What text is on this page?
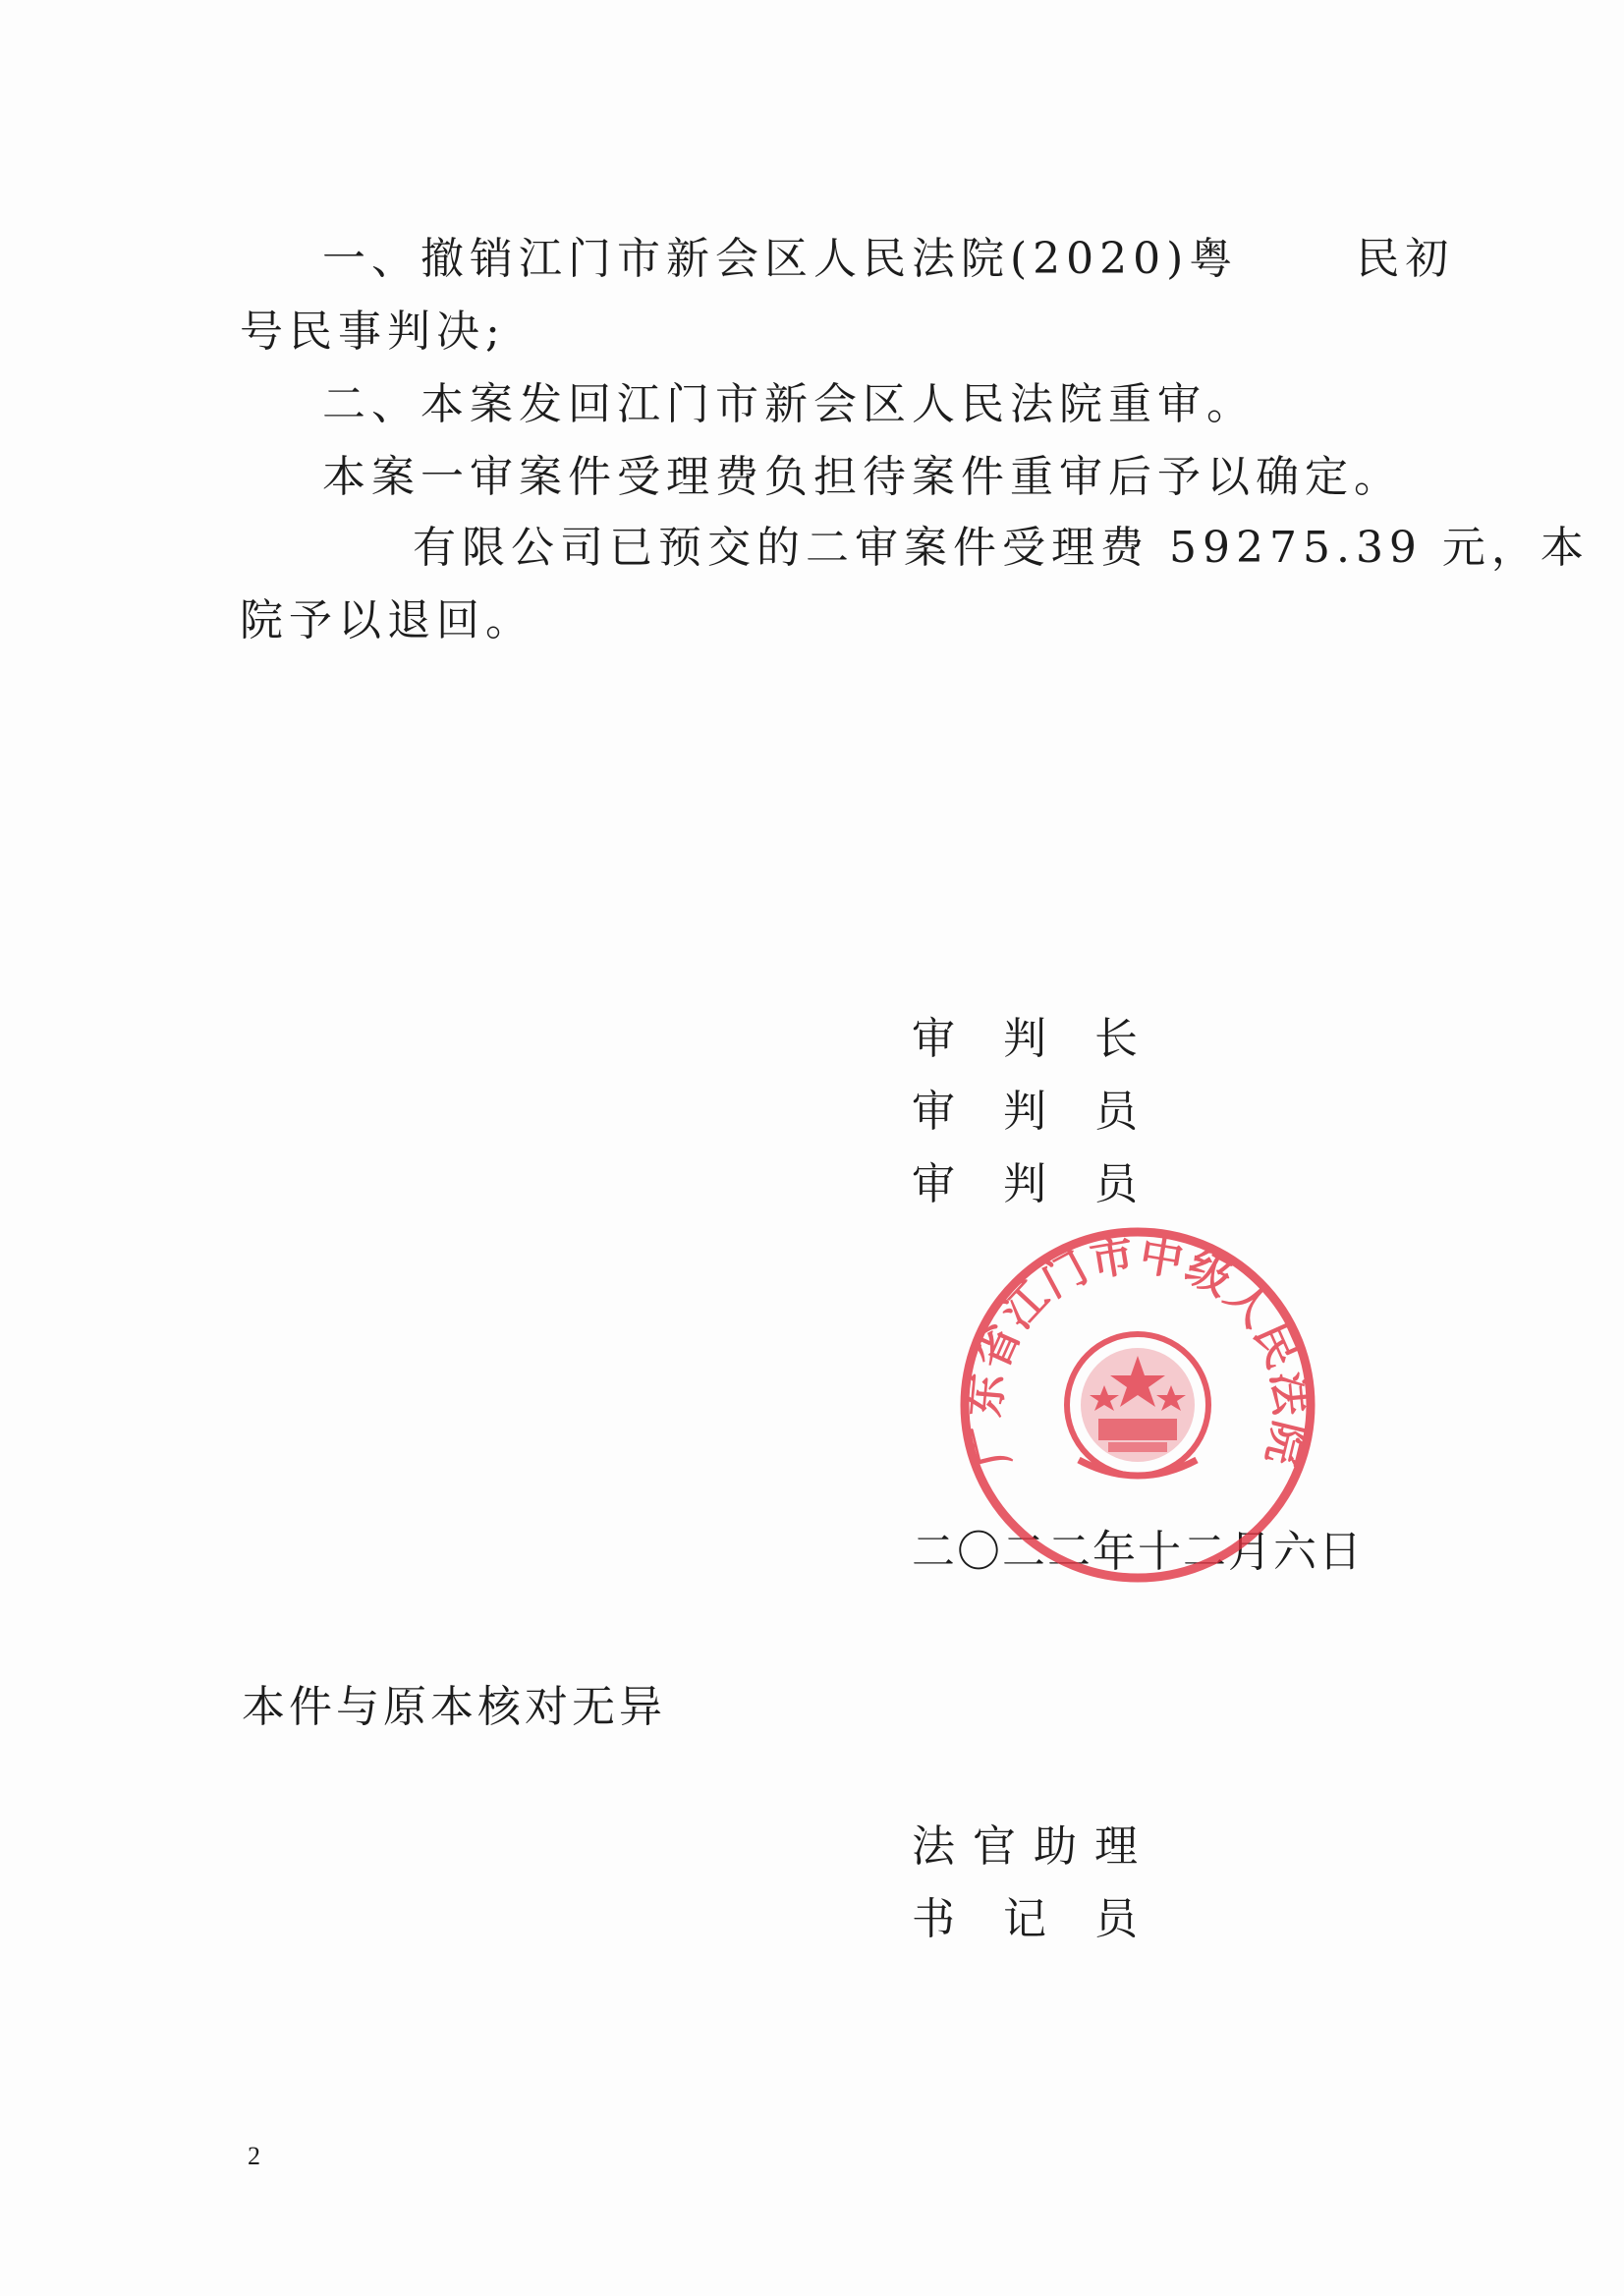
一、撤销江门市新会区人民法院(2020)粤	民初
号民事判决;
二、本案发回江门市新会区人民法院重审。
本案一审案件受理费负担待案件重审后予以确定。
有限公司已预交的二审案件受理费 59275.39 元，本
院予以退回。
审 判 长
审 判 员
审 判 员
二〇二二年十二月六日
广东省江门市中级人民法院
本件与原本核对无异
法 官 助 理
书 记 员
2
